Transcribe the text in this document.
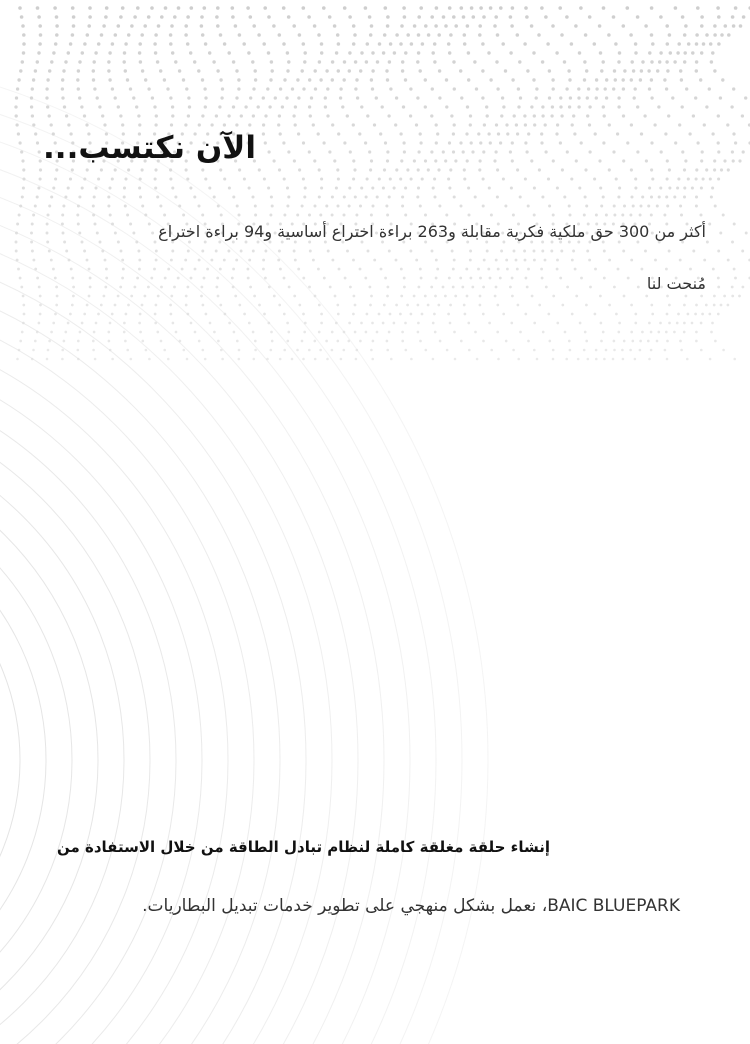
الآن نكتسب...
أكثر من 300 حق ملكية فكرية مقابلة و263 براءة اختراع أساسية و94 براءة اختراع
مُنحت لنا
إنشاء حلقة مغلقة كاملة لنظام تبادل الطاقة من خلال الاستفادة من
BAIC BLUEPARK، نعمل بشكل منهجي على تطوير خدمات تبديل البطاريات.
